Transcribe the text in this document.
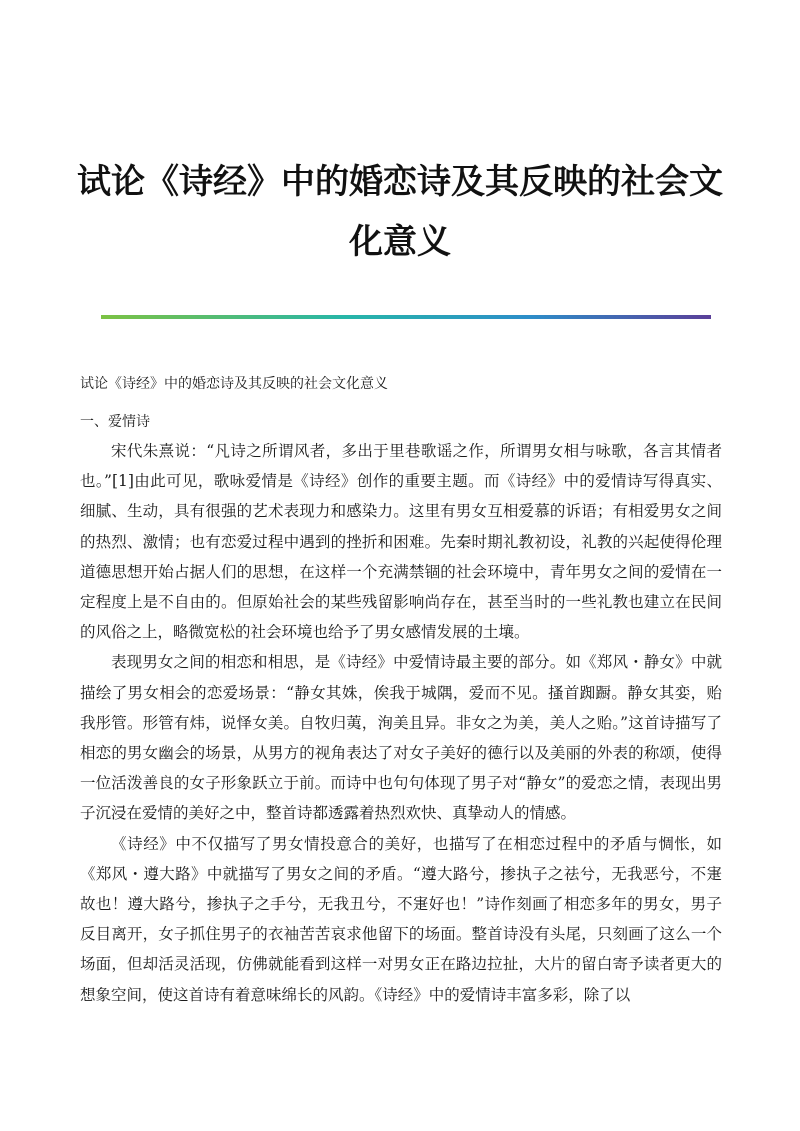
试论《诗经》中的婚恋诗及其反映的社会文
化意义
试论《诗经》中的婚恋诗及其反映的社会文化意义
一、爱情诗

宋代朱熹说：“凡诗之所谓风者，多出于里巷歌谣之作，所谓男女相与咏歌，各言其情者也。”[1]由此可见，歌咏爱情是《诗经》创作的重要主题。而《诗经》中的爱情诗写得真实、细腻、生动，具有很强的艺术表现力和感染力。这里有男女互相爱慕的诉语；有相爱男女之间的热烈、激情；也有恋爱过程中遇到的挫折和困难。先秦时期礼教初设，礼教的兴起使得伦理道德思想开始占据人们的思想，在这样一个充满禁锢的社会环境中，青年男女之间的爱情在一定程度上是不自由的。但原始社会的某些残留影响尚存在，甚至当时的一些礼教也建立在民间的风俗之上，略微宽松的社会环境也给予了男女感情发展的土壤。

表现男女之间的相恋和相思，是《诗经》中爱情诗最主要的部分。如《郑风・静女》中就描绘了男女相会的恋爱场景：“静女其姝，俟我于城隅，爱而不见。搔首踟蹰。静女其娈，贻我彤管。形管有炜，说怿女美。自牧归荑，洵美且异。非女之为美，美人之贻。”这首诗描写了相恋的男女幽会的场景，从男方的视角表达了对女子美好的德行以及美丽的外表的称颂，使得一位活泼善良的女子形象跃立于前。而诗中也句句体现了男子对“静女”的爱恋之情，表现出男子沉浸在爱情的美好之中，整首诗都透露着热烈欢快、真挚动人的情感。

《诗经》中不仅描写了男女情投意合的美好，也描写了在相恋过程中的矛盾与惆怅，如《郑风・遵大路》中就描写了男女之间的矛盾。“遵大路兮，掺执子之祛兮，无我恶兮，不寁故也！遵大路兮，掺执子之手兮，无我丑兮，不寁好也！”诗作刻画了相恋多年的男女，男子反目离开，女子抓住男子的衣袖苦苦哀求他留下的场面。整首诗没有头尾，只刻画了这么一个场面，但却活灵活现，仿佛就能看到这样一对男女正在路边拉扯，大片的留白寄予读者更大的想象空间，使这首诗有着意味绵长的风韵。《诗经》中的爱情诗丰富多彩，除了以
